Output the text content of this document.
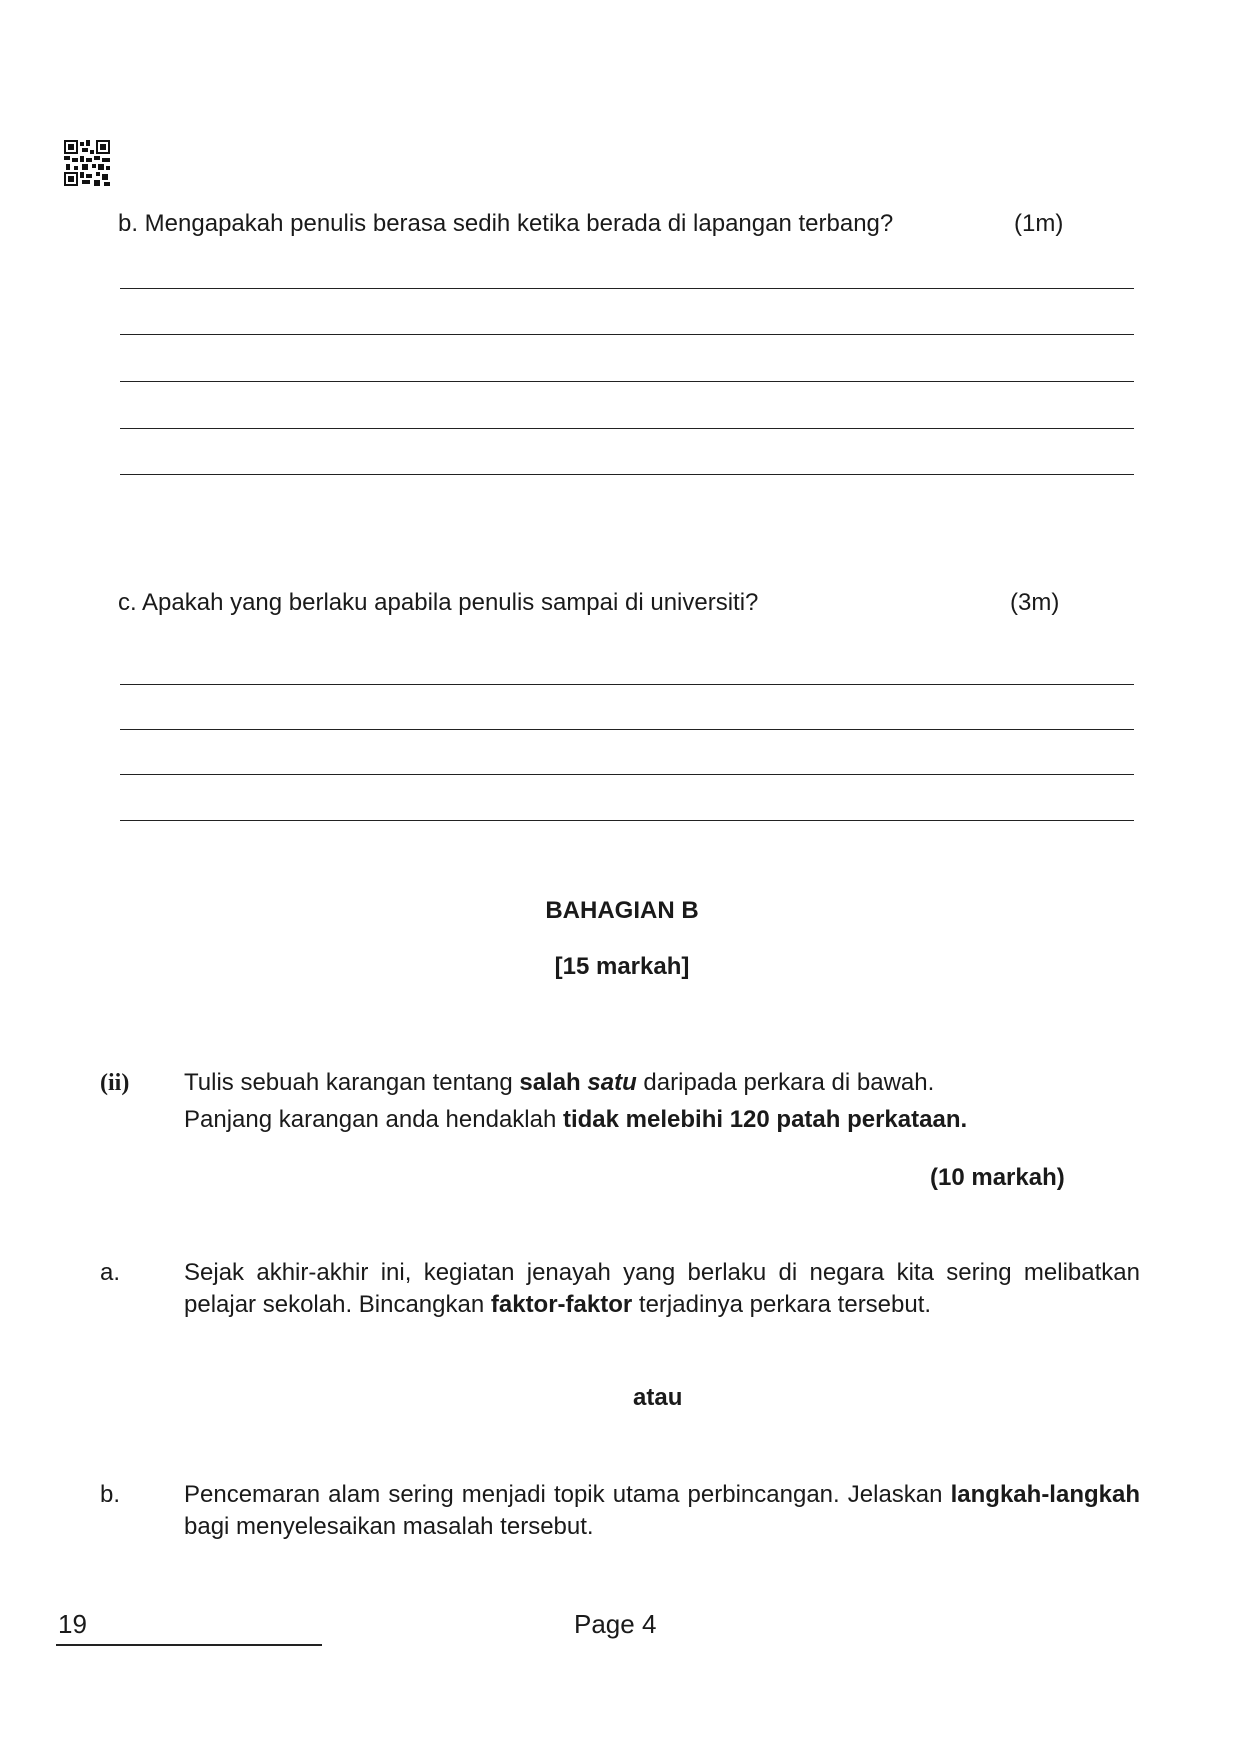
b. Mengapakah penulis berasa sedih ketika berada di lapangan terbang?	(1m)
c. Apakah yang berlaku apabila penulis sampai di universiti?	(3m)
BAHAGIAN B
[15 markah]
(ii) Tulis sebuah karangan tentang salah satu daripada perkara di bawah.
Panjang karangan anda hendaklah tidak melebihi 120 patah perkataan.
(10 markah)
a.	Sejak akhir-akhir ini, kegiatan jenayah yang berlaku di negara kita sering melibatkan pelajar sekolah. Bincangkan faktor-faktor terjadinya perkara tersebut.
atau
b.	Pencemaran alam sering menjadi topik utama perbincangan. Jelaskan langkah-langkah bagi menyelesaikan masalah tersebut.
19	Page 4
